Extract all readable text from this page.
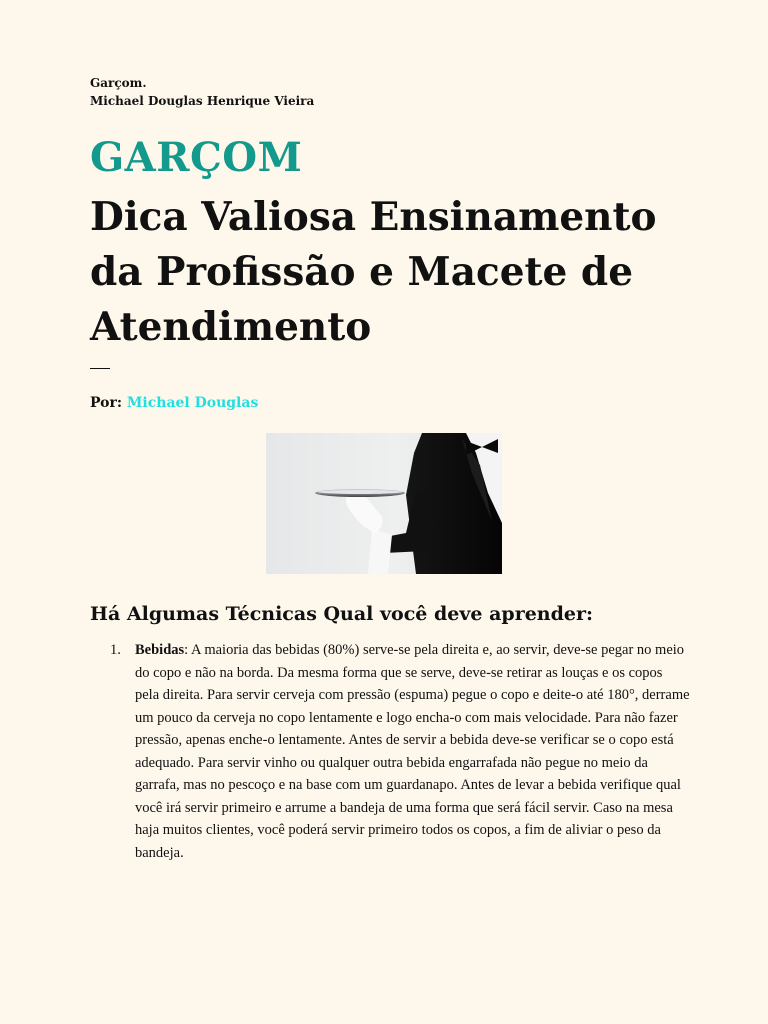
Garçom.

Michael Douglas Henrique Vieira

GARÇOM
Dica Valiosa Ensinamento da Profissão e Macete de Atendimento

Por: Michael Douglas

Há Algumas Técnicas Qual você deve aprender:
1. Bebidas: A maioria das bebidas (80%) serve-se pela direita e, ao servir, deve-se pegar no meio do copo e não na borda. Da mesma forma que se serve, deve-se retirar as louças e os copos pela direita. Para servir cerveja com pressão (espuma) pegue o copo e deite-o até 180°, derrame um pouco da cerveja no copo lentamente e logo encha-o com mais velocidade. Para não fazer pressão, apenas enche-o lentamente. Antes de servir a bebida deve-se verificar se o copo está adequado. Para servir vinho ou qualquer outra bebida engarrafada não pegue no meio da garrafa, mas no pescoço e na base com um guardanapo. Antes de levar a bebida verifique qual você irá servir primeiro e arrume a bandeja de uma forma que será fácil servir. Caso na mesa haja muitos clientes, você poderá servir primeiro todos os copos, a fim de aliviar o peso da bandeja.
